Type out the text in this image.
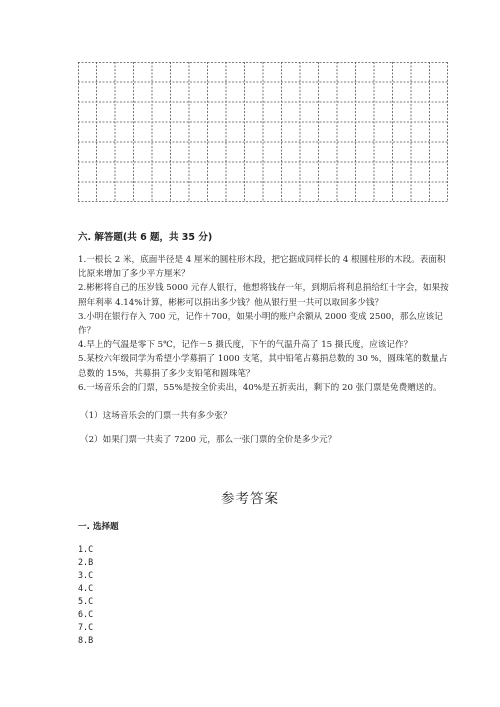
六. 解答题(共 6 题，共 35 分)

1.一根长 2 米，底面半径是 4 厘米的圆柱形木段，把它据成同样长的 4 根圆柱形的木段。表面积比原来增加了多少平方厘米？

2.彬彬将自己的压岁钱 5000 元存人银行，他想将钱存一年，到期后将利息捐给红十字会，如果按照年利率 4.14%计算，彬彬可以捐出多少钱？他从银行里一共可以取回多少钱？

3.小明在银行存入 700 元，记作＋700，如果小明的账户余额从 2000 变成 2500，那么应该记作？

4.早上的气温是零下 5℃，记作－5 摄氏度，下午的气温升高了 15 摄氏度，应该记作？

5.某校六年级同学为希望小学募捐了 1000 支笔，其中铅笔占募捐总数的 30 %，圆珠笔的数量占总数的 15%，共募捐了多少支铅笔和圆珠笔？

6.一场音乐会的门票，55%是按全价卖出，40%是五折卖出，剩下的 20 张门票是免费赠送的。

（1）这场音乐会的门票一共有多少张？
（2）如果门票一共卖了 7200 元，那么一张门票的全价是多少元？
参考答案
一. 选择题
1.C
2.B
3.C
4.C
5.C
6.C
7.C
8.B
